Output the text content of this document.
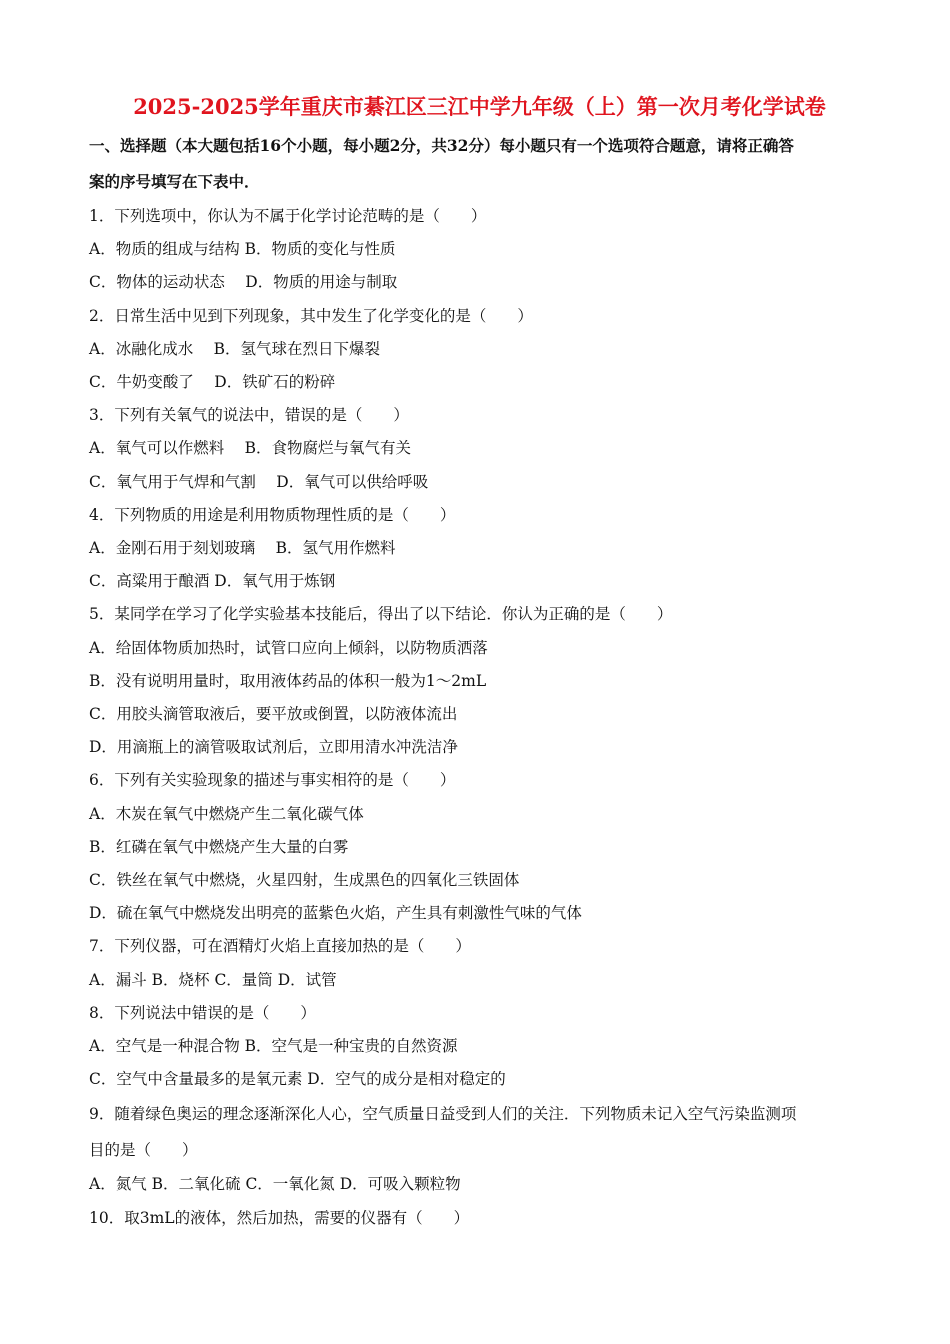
2025-2025学年重庆市綦江区三江中学九年级（上）第一次月考化学试卷

一、选择题（本大题包括16个小题，每小题2分，共32分）每小题只有一个选项符合题意，请将正确答

案的序号填写在下表中．

1．下列选项中，你认为不属于化学讨论范畴的是（　　）

A．物质的组成与结构 B．物质的变化与性质

C．物体的运动状态　 D．物质的用途与制取

2．日常生活中见到下列现象，其中发生了化学变化的是（　　）

A．冰融化成水　 B．氢气球在烈日下爆裂

C．牛奶变酸了　 D．铁矿石的粉碎

3．下列有关氧气的说法中，错误的是（　　）

A．氧气可以作燃料　 B．食物腐烂与氧气有关

C．氧气用于气焊和气割　 D．氧气可以供给呼吸

4．下列物质的用途是利用物质物理性质的是（　　）

A．金刚石用于刻划玻璃　 B．氢气用作燃料

C．高粱用于酿酒 D．氧气用于炼钢

5．某同学在学习了化学实验基本技能后，得出了以下结论．你认为正确的是（　　）

A．给固体物质加热时，试管口应向上倾斜，以防物质洒落

B．没有说明用量时，取用液体药品的体积一般为1～2mL

C．用胶头滴管取液后，要平放或倒置，以防液体流出

D．用滴瓶上的滴管吸取试剂后，立即用清水冲洗洁净

6．下列有关实验现象的描述与事实相符的是（　　）

A．木炭在氧气中燃烧产生二氧化碳气体

B．红磷在氧气中燃烧产生大量的白雾

C．铁丝在氧气中燃烧，火星四射，生成黑色的四氧化三铁固体

D．硫在氧气中燃烧发出明亮的蓝紫色火焰，产生具有刺激性气味的气体

7．下列仪器，可在酒精灯火焰上直接加热的是（　　）

A．漏斗 B．烧杯 C．量筒 D．试管

8．下列说法中错误的是（　　）

A．空气是一种混合物 B．空气是一种宝贵的自然资源

C．空气中含量最多的是氧元素 D．空气的成分是相对稳定的

9．随着绿色奥运的理念逐渐深化人心，空气质量日益受到人们的关注．下列物质未记入空气污染监测项

目的是（　　）

A．氮气 B．二氧化硫 C．一氧化氮 D．可吸入颗粒物

10．取3mL的液体，然后加热，需要的仪器有（　　）
